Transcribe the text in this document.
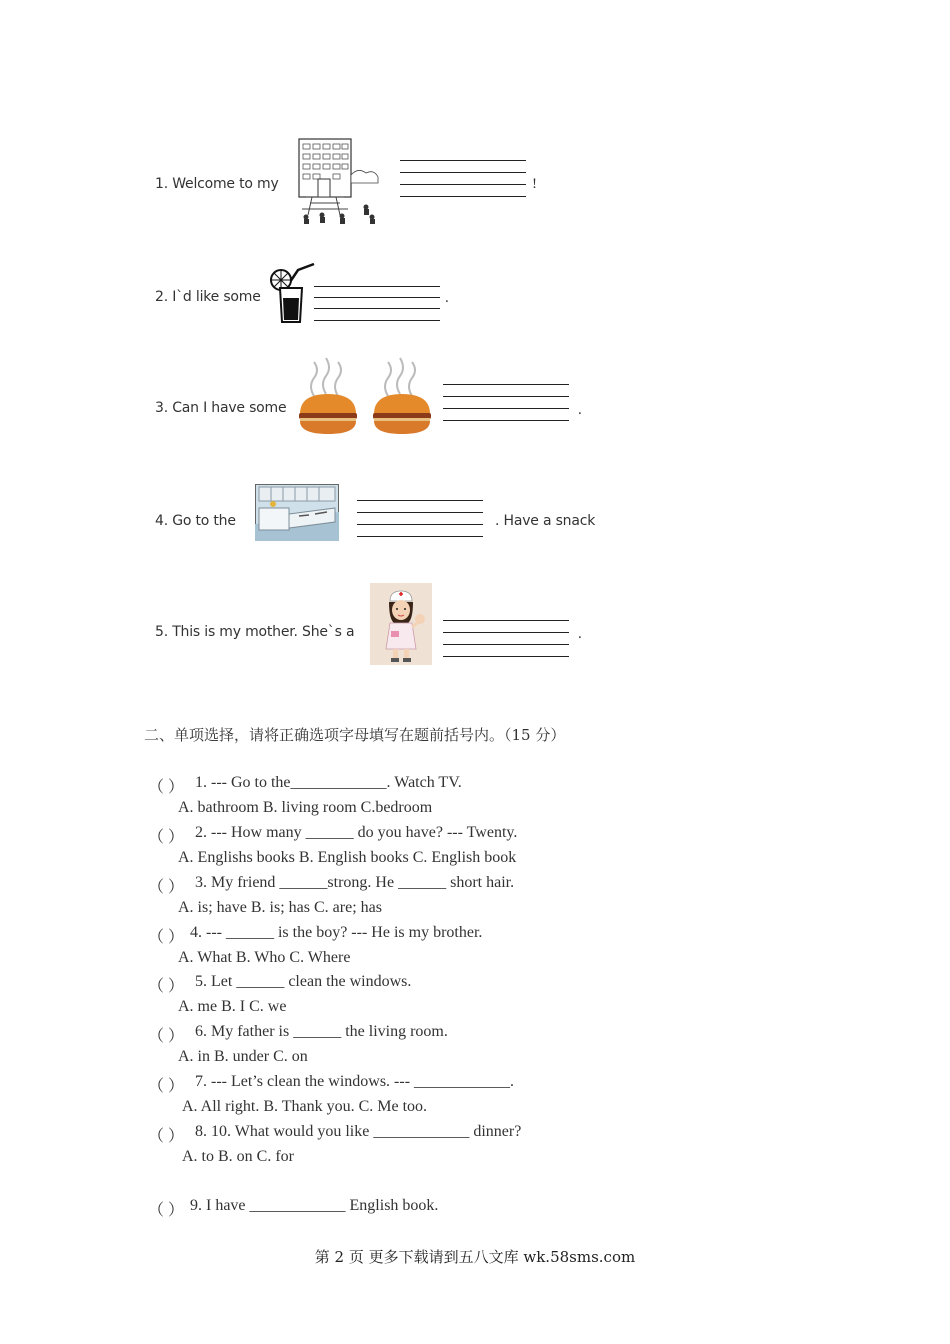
1. Welcome to my	!
2. I`d like some	.
3. Can I have some	.
4. Go to the	. Have a snack
5. This is my mother. She`s a	.
二、单项选择，请将正确选项字母填写在题前括号内。（15 分）
（ ） 1. --- Go to the____________. Watch TV.
A. bathroom B. living room C.bedroom
（ ） 2. --- How many ______ do you have? --- Twenty.
A. Englishs books B. English books C. English book
（ ） 3. My friend ______strong. He ______ short hair.
A. is; have B. is; has C. are; has
（ ） 4. --- ______ is the boy? --- He is my brother.
A. What B. Who C. Where
（ ） 5. Let ______ clean the windows.
A. me B. I C. we
（ ） 6. My father is ______ the living room.
A. in B. under C. on
（ ） 7. --- Let’s clean the windows. --- ____________.
A. All right. B. Thank you. C. Me too.
（ ） 8. 10. What would you like ____________ dinner?
A. to B. on C. for
（ ） 9. I have ____________ English book.
第 2 页 更多下载请到五八文库 wk.58sms.com
